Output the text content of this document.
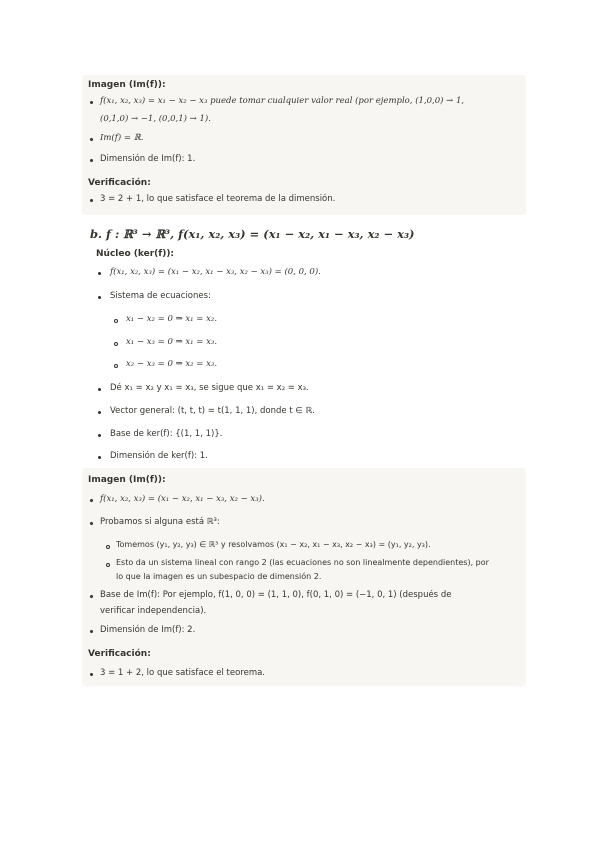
Imagen (Im(f)):
f(x₁, x₂, x₃) = x₁ − x₂ − x₃ puede tomar cualquier valor real (por ejemplo, (1,0,0) → 1,
(0,1,0) → −1, (0,0,1) → 1).
Im(f) = ℝ.
Dimensión de Im(f): 1.
Verificación:
3 = 2 + 1, lo que satisface el teorema de la dimensión.
b. f : ℝ³ → ℝ³, f(x₁, x₂, x₃) = (x₁ − x₂, x₁ − x₃, x₂ − x₃)
Núcleo (ker(f)):
f(x₁, x₂, x₃) = (x₁ − x₂, x₁ − x₃, x₂ − x₃) = (0, 0, 0).
Sistema de ecuaciones:
x₁ − x₂ = 0 ⇒ x₁ = x₂.
x₁ − x₃ = 0 ⇒ x₁ = x₃.
x₂ − x₃ = 0 ⇒ x₂ = x₃.
Dé x₁ = x₂ y x₁ = x₃, se sigue que x₁ = x₂ = x₃.
Vector general: (t, t, t) = t(1, 1, 1), donde t ∈ ℝ.
Base de ker(f): {(1, 1, 1)}.
Dimensión de ker(f): 1.
Imagen (Im(f)):
f(x₁, x₂, x₃) = (x₁ − x₂, x₁ − x₃, x₂ − x₃).
Probamos si alguna está ℝ³:
Tomemos (y₁, y₂, y₃) ∈ ℝ³ y resolvamos (x₁ − x₂, x₁ − x₃, x₂ − x₃) = (y₁, y₂, y₃).
Esto da un sistema lineal con rango 2 (las ecuaciones no son linealmente dependientes), por
lo que la imagen es un subespacio de dimensión 2.
Base de Im(f): Por ejemplo, f(1, 0, 0) = (1, 1, 0), f(0, 1, 0) = (−1, 0, 1) (después de
verificar independencia).
Dimensión de Im(f): 2.
Verificación:
3 = 1 + 2, lo que satisface el teorema.
